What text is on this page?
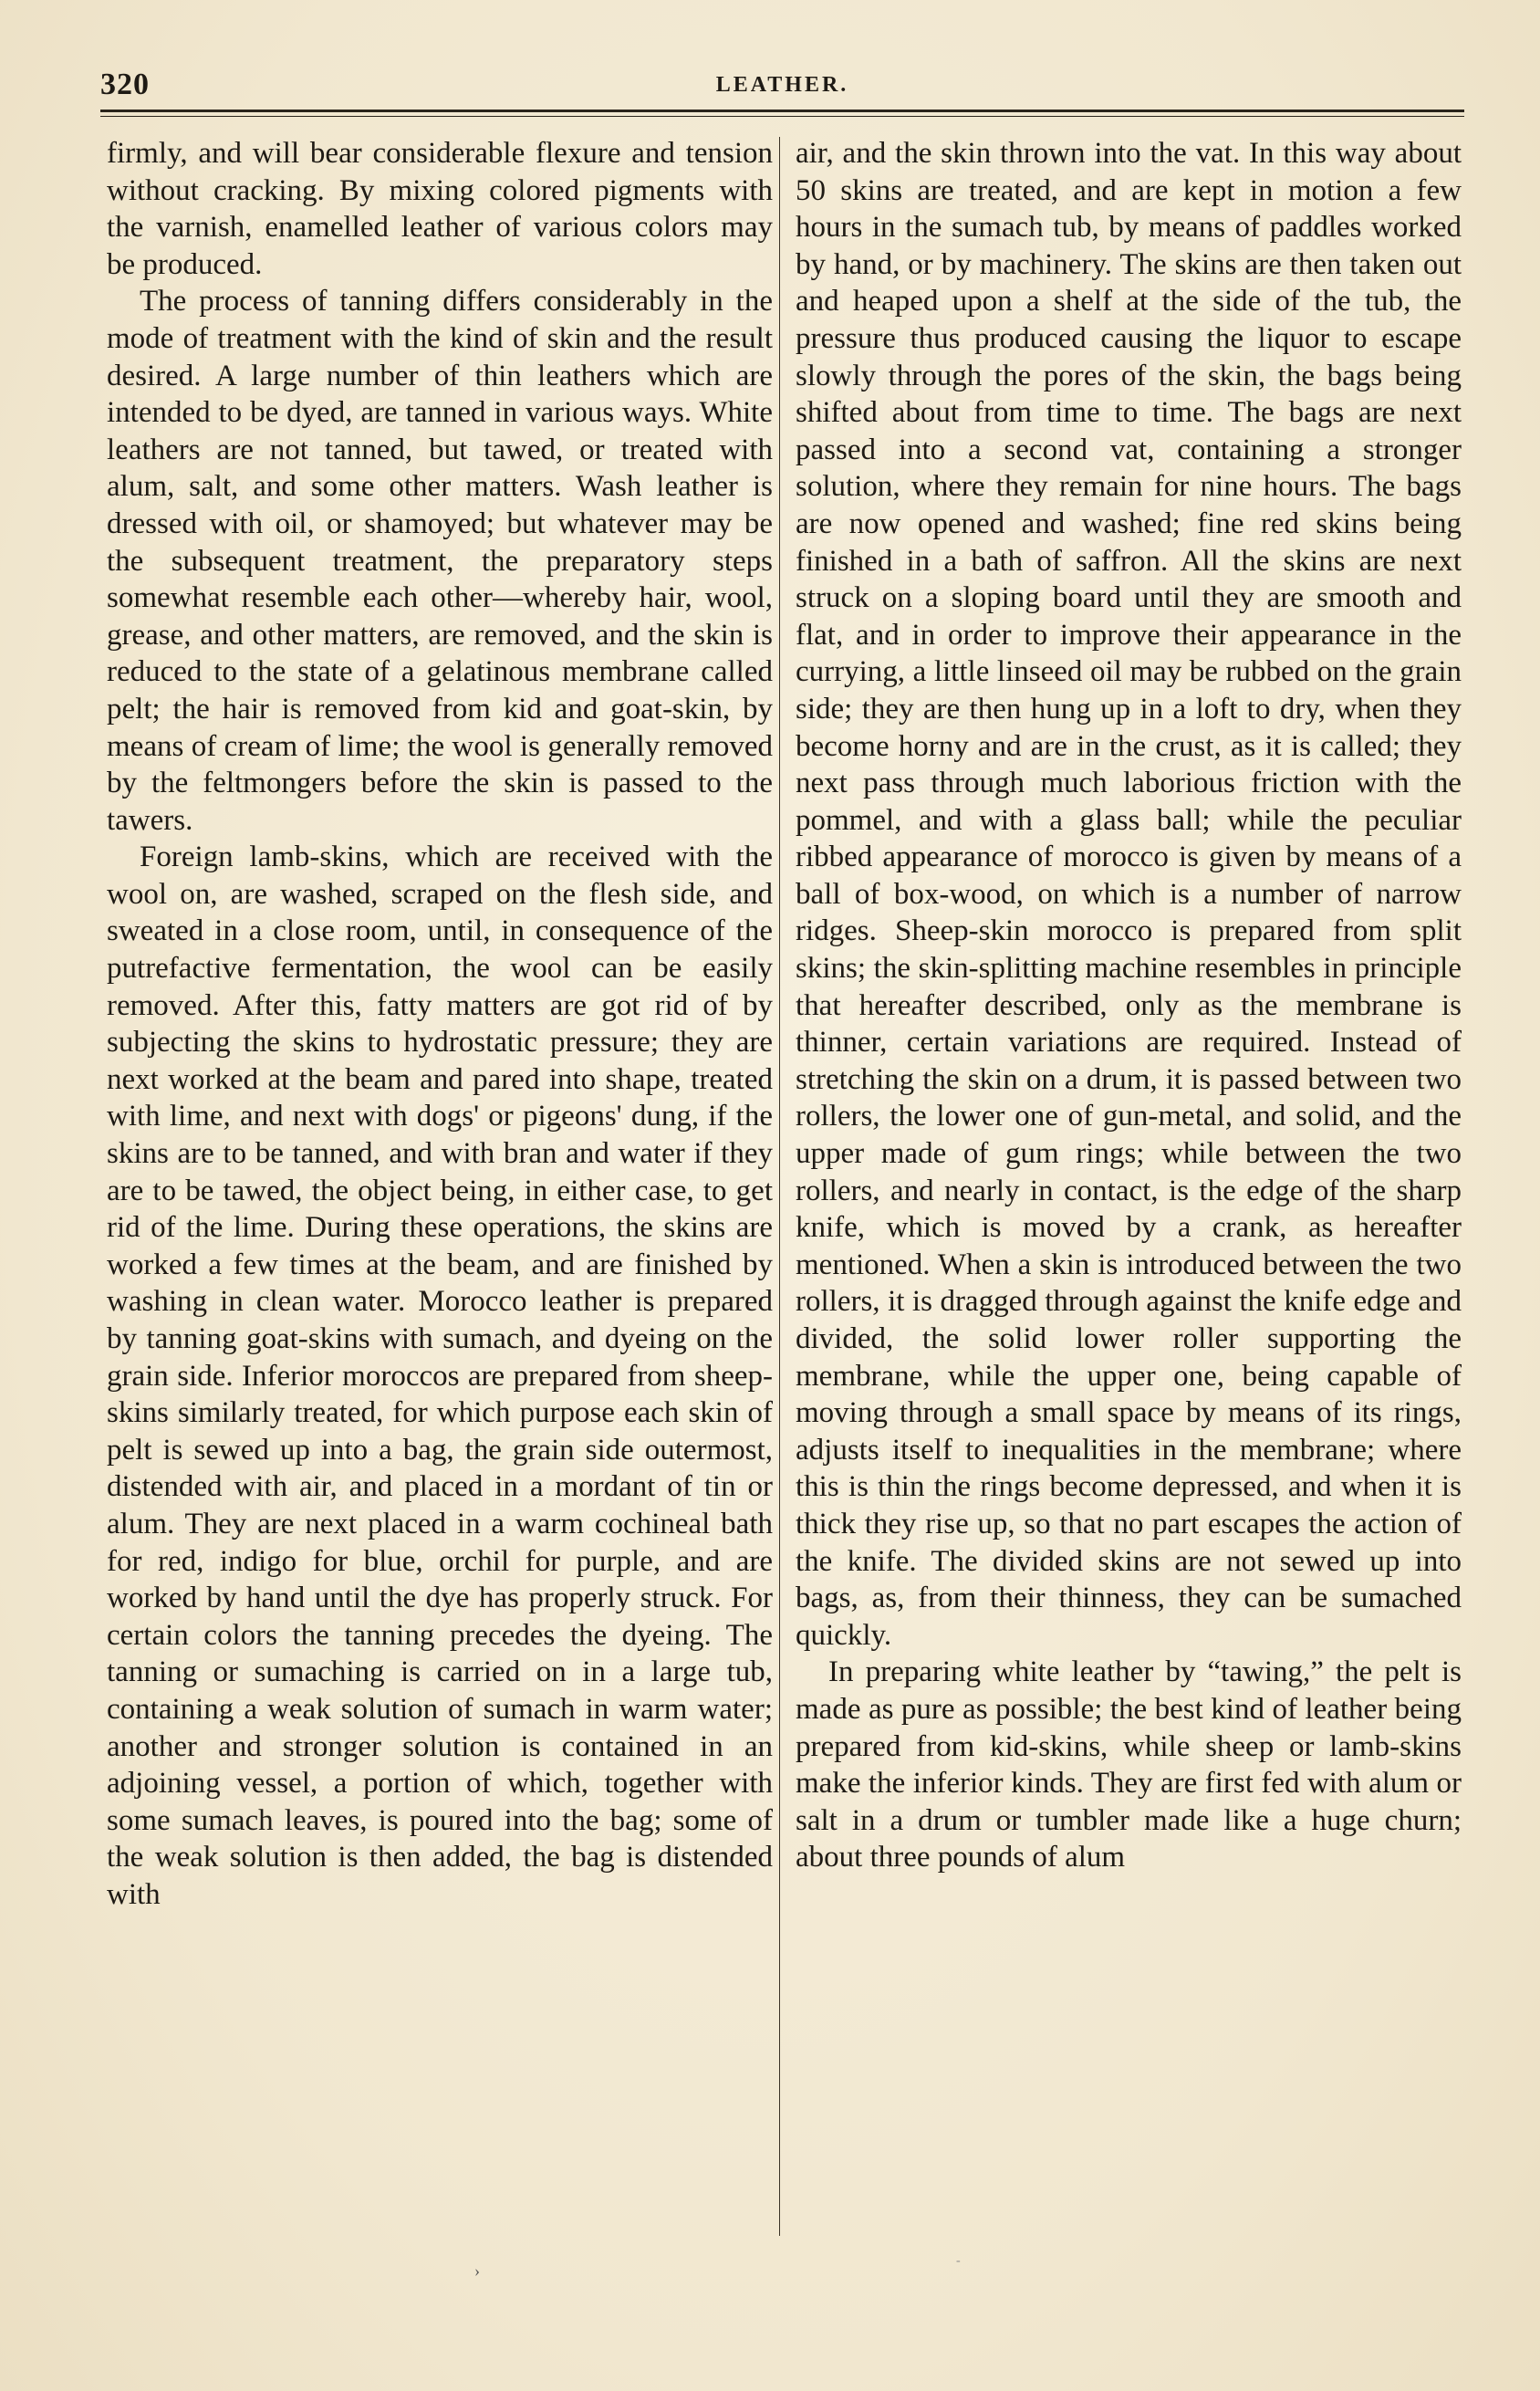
320	LEATHER.

firmly, and will bear considerable flexure and tension without cracking. By mixing colored pigments with the varnish, enamelled leather of various colors may be produced.

The process of tanning differs considerably in the mode of treatment with the kind of skin and the result desired. A large number of thin leathers which are intended to be dyed, are tanned in various ways. White leathers are not tanned, but tawed, or treated with alum, salt, and some other matters. Wash leather is dressed with oil, or shamoyed; but whatever may be the subsequent treatment, the preparatory steps somewhat resemble each other—whereby hair, wool, grease, and other matters, are removed, and the skin is reduced to the state of a gelatinous membrane called pelt; the hair is removed from kid and goat-skin, by means of cream of lime; the wool is generally removed by the feltmongers before the skin is passed to the tawers.

Foreign lamb-skins, which are received with the wool on, are washed, scraped on the flesh side, and sweated in a close room, until, in consequence of the putrefactive fermentation, the wool can be easily removed. After this, fatty matters are got rid of by subjecting the skins to hydrostatic pressure; they are next worked at the beam and pared into shape, treated with lime, and next with dogs' or pigeons' dung, if the skins are to be tanned, and with bran and water if they are to be tawed, the object being, in either case, to get rid of the lime. During these operations, the skins are worked a few times at the beam, and are finished by washing in clean water. Morocco leather is prepared by tanning goat-skins with sumach, and dyeing on the grain side. Inferior moroccos are prepared from sheep-skins similarly treated, for which purpose each skin of pelt is sewed up into a bag, the grain side outermost, distended with air, and placed in a mordant of tin or alum. They are next placed in a warm cochineal bath for red, indigo for blue, orchil for purple, and are worked by hand until the dye has properly struck. For certain colors the tanning precedes the dyeing. The tanning or sumaching is carried on in a large tub, containing a weak solution of sumach in warm water; another and stronger solution is contained in an adjoining vessel, a portion of which, together with some sumach leaves, is poured into the bag; some of the weak solution is then added, the bag is distended with

air, and the skin thrown into the vat. In this way about 50 skins are treated, and are kept in motion a few hours in the sumach tub, by means of paddles worked by hand, or by machinery. The skins are then taken out and heaped upon a shelf at the side of the tub, the pressure thus produced causing the liquor to escape slowly through the pores of the skin, the bags being shifted about from time to time. The bags are next passed into a second vat, containing a stronger solution, where they remain for nine hours. The bags are now opened and washed; fine red skins being finished in a bath of saffron. All the skins are next struck on a sloping board until they are smooth and flat, and in order to improve their appearance in the currying, a little linseed oil may be rubbed on the grain side; they are then hung up in a loft to dry, when they become horny and are in the crust, as it is called; they next pass through much laborious friction with the pommel, and with a glass ball; while the peculiar ribbed appearance of morocco is given by means of a ball of box-wood, on which is a number of narrow ridges. Sheep-skin morocco is prepared from split skins; the skin-splitting machine resembles in principle that hereafter described, only as the membrane is thinner, certain variations are required. Instead of stretching the skin on a drum, it is passed between two rollers, the lower one of gun-metal, and solid, and the upper made of gum rings; while between the two rollers, and nearly in contact, is the edge of the sharp knife, which is moved by a crank, as hereafter mentioned. When a skin is introduced between the two rollers, it is dragged through against the knife edge and divided, the solid lower roller supporting the membrane, while the upper one, being capable of moving through a small space by means of its rings, adjusts itself to inequalities in the membrane; where this is thin the rings become depressed, and when it is thick they rise up, so that no part escapes the action of the knife. The divided skins are not sewed up into bags, as, from their thinness, they can be sumached quickly.

In preparing white leather by “tawing,” the pelt is made as pure as possible; the best kind of leather being prepared from kid-skins, while sheep or lamb-skins make the inferior kinds. They are first fed with alum or salt in a drum or tumbler made like a huge churn; about three pounds of alum

›
-
